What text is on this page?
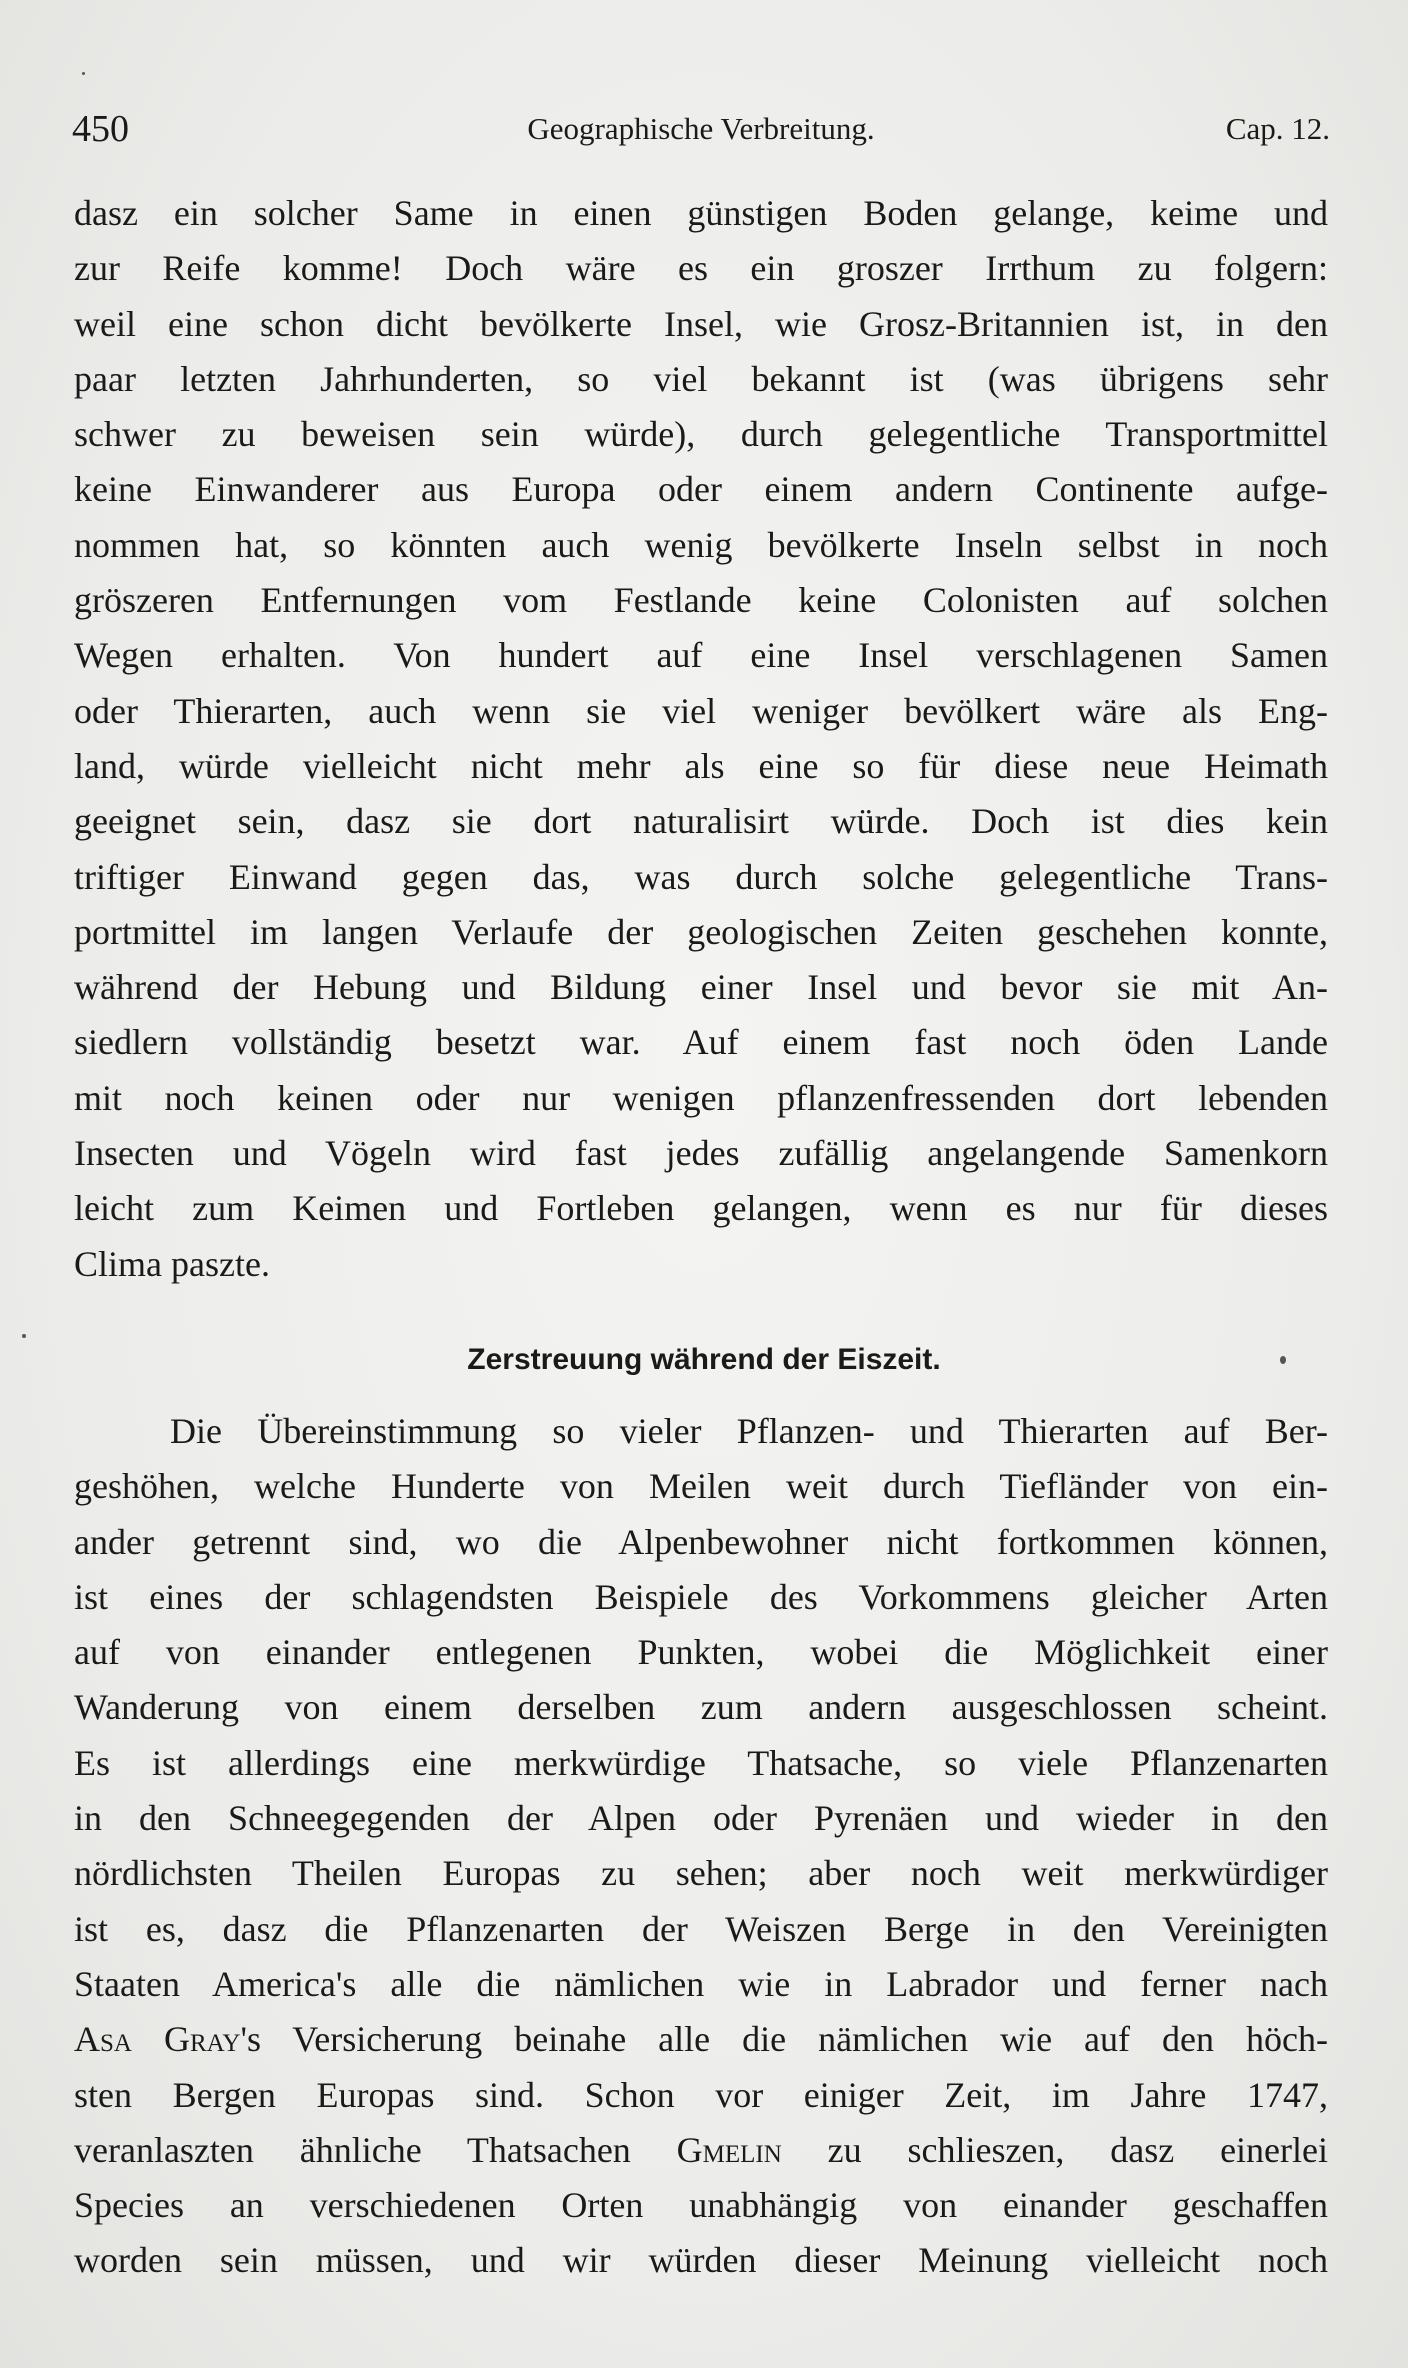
450	Geographische Verbreitung.	Cap. 12.
dasz ein solcher Same in einen günstigen Boden gelange, keime und
zur Reife komme! Doch wäre es ein groszer Irrthum zu folgern:
weil eine schon dicht bevölkerte Insel, wie Grosz-Britannien ist, in den
paar letzten Jahrhunderten, so viel bekannt ist (was übrigens sehr
schwer zu beweisen sein würde), durch gelegentliche Transportmittel
keine Einwanderer aus Europa oder einem andern Continente aufge-
nommen hat, so könnten auch wenig bevölkerte Inseln selbst in noch
gröszeren Entfernungen vom Festlande keine Colonisten auf solchen
Wegen erhalten. Von hundert auf eine Insel verschlagenen Samen
oder Thierarten, auch wenn sie viel weniger bevölkert wäre als Eng-
land, würde vielleicht nicht mehr als eine so für diese neue Heimath
geeignet sein, dasz sie dort naturalisirt würde. Doch ist dies kein
triftiger Einwand gegen das, was durch solche gelegentliche Trans-
portmittel im langen Verlaufe der geologischen Zeiten geschehen konnte,
während der Hebung und Bildung einer Insel und bevor sie mit An-
siedlern vollständig besetzt war. Auf einem fast noch öden Lande
mit noch keinen oder nur wenigen pflanzenfressenden dort lebenden
Insecten und Vögeln wird fast jedes zufällig angelangende Samenkorn
leicht zum Keimen und Fortleben gelangen, wenn es nur für dieses
Clima paszte.
Zerstreuung während der Eiszeit.
Die Übereinstimmung so vieler Pflanzen- und Thierarten auf Ber-
geshöhen, welche Hunderte von Meilen weit durch Tiefländer von ein-
ander getrennt sind, wo die Alpenbewohner nicht fortkommen können,
ist eines der schlagendsten Beispiele des Vorkommens gleicher Arten
auf von einander entlegenen Punkten, wobei die Möglichkeit einer
Wanderung von einem derselben zum andern ausgeschlossen scheint.
Es ist allerdings eine merkwürdige Thatsache, so viele Pflanzenarten
in den Schneegegenden der Alpen oder Pyrenäen und wieder in den
nördlichsten Theilen Europas zu sehen; aber noch weit merkwürdiger
ist es, dasz die Pflanzenarten der Weiszen Berge in den Vereinigten
Staaten America's alle die nämlichen wie in Labrador und ferner nach
Asa Gray's Versicherung beinahe alle die nämlichen wie auf den höch-
sten Bergen Europas sind. Schon vor einiger Zeit, im Jahre 1747,
veranlaszten ähnliche Thatsachen Gmelin zu schlieszen, dasz einerlei
Species an verschiedenen Orten unabhängig von einander geschaffen
worden sein müssen, und wir würden dieser Meinung vielleicht noch
